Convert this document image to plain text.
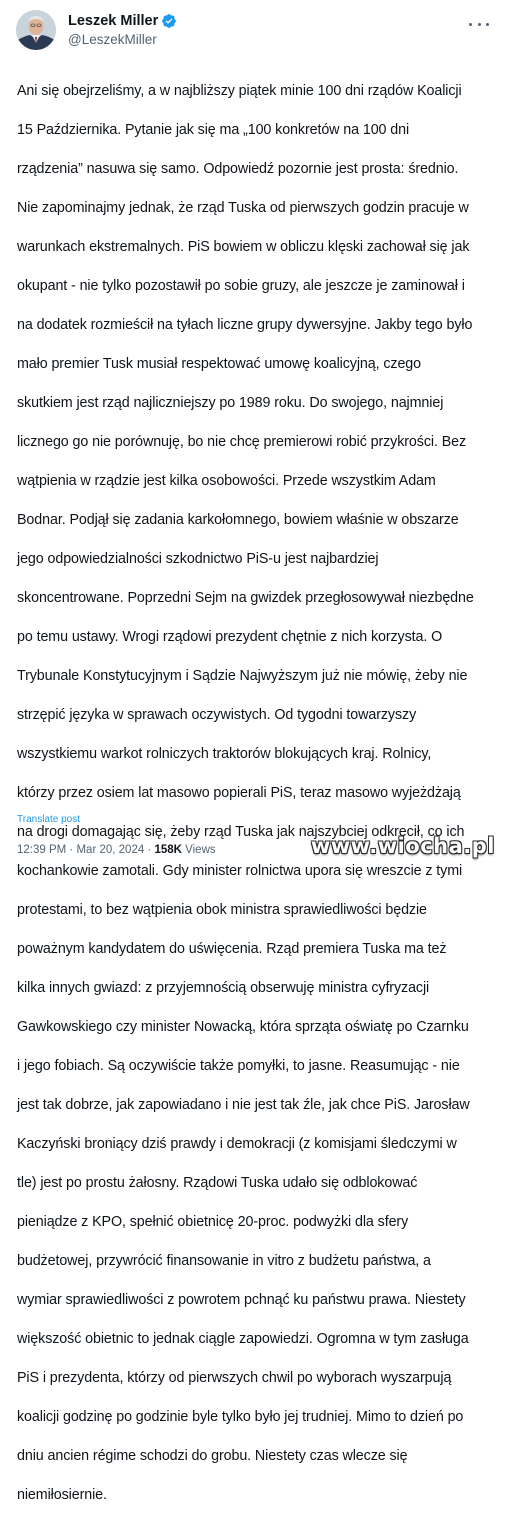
Leszek Miller
@LeszekMiller

Ani się obejrzeliśmy, a w najbliższy piątek minie 100 dni rządów Koalicji

15 Października. Pytanie jak się ma „100 konkretów na 100 dni

rządzenia” nasuwa się samo. Odpowiedź pozornie jest prosta: średnio.

Nie zapominajmy jednak, że rząd Tuska od pierwszych godzin pracuje w

warunkach ekstremalnych. PiS bowiem w obliczu klęski zachował się jak

okupant - nie tylko pozostawił po sobie gruzy, ale jeszcze je zaminował i

na dodatek rozmieścił na tyłach liczne grupy dywersyjne. Jakby tego było

mało premier Tusk musiał respektować umowę koalicyjną, czego

skutkiem jest rząd najliczniejszy po 1989 roku. Do swojego, najmniej

licznego go nie porównuję, bo nie chcę premierowi robić przykrości. Bez

wątpienia w rządzie jest kilka osobowości. Przede wszystkim Adam

Bodnar. Podjął się zadania karkołomnego, bowiem właśnie w obszarze

jego odpowiedzialności szkodnictwo PiS-u jest najbardziej

skoncentrowane. Poprzedni Sejm na gwizdek przegłosowywał niezbędne

po temu ustawy. Wrogi rządowi prezydent chętnie z nich korzysta. O

Trybunale Konstytucyjnym i Sądzie Najwyższym już nie mówię, żeby nie

strzępić języka w sprawach oczywistych. Od tygodni towarzyszy

wszystkiemu warkot rolniczych traktorów blokujących kraj. Rolnicy,

którzy przez osiem lat masowo popierali PiS, teraz masowo wyjeżdżają

na drogi domagając się, żeby rząd Tuska jak najszybciej odkręcił, co ich

kochankowie zamotali. Gdy minister rolnictwa upora się wreszcie z tymi

protestami, to bez wątpienia obok ministra sprawiedliwości będzie

poważnym kandydatem do uświęcenia. Rząd premiera Tuska ma też

kilka innych gwiazd: z przyjemnością obserwuję ministra cyfryzacji

Gawkowskiego czy minister Nowacką, która sprząta oświatę po Czarnku

i jego fobiach. Są oczywiście także pomyłki, to jasne. Reasumując - nie

jest tak dobrze, jak zapowiadano i nie jest tak źle, jak chce PiS. Jarosław

Kaczyński broniący dziś prawdy i demokracji (z komisjami śledczymi w

tle) jest po prostu żałosny. Rządowi Tuska udało się odblokować

pieniądze z KPO, spełnić obietnicę 20-proc. podwyżki dla sfery

budżetowej, przywrócić finansowanie in vitro z budżetu państwa, a

wymiar sprawiedliwości z powrotem pchnąć ku państwu prawa. Niestety

większość obietnic to jednak ciągle zapowiedzi. Ogromna w tym zasługa

PiS i prezydenta, którzy od pierwszych chwil po wyborach wyszarpują

koalicji godzinę po godzinie byle tylko było jej trudniej. Mimo to dzień po

dniu ancien régime schodzi do grobu. Niestety czas wlecze się

niemiłosiernie.

Translate post
12:39 PM · Mar 20, 2024 · 158K Views	www.wiocha.pl
